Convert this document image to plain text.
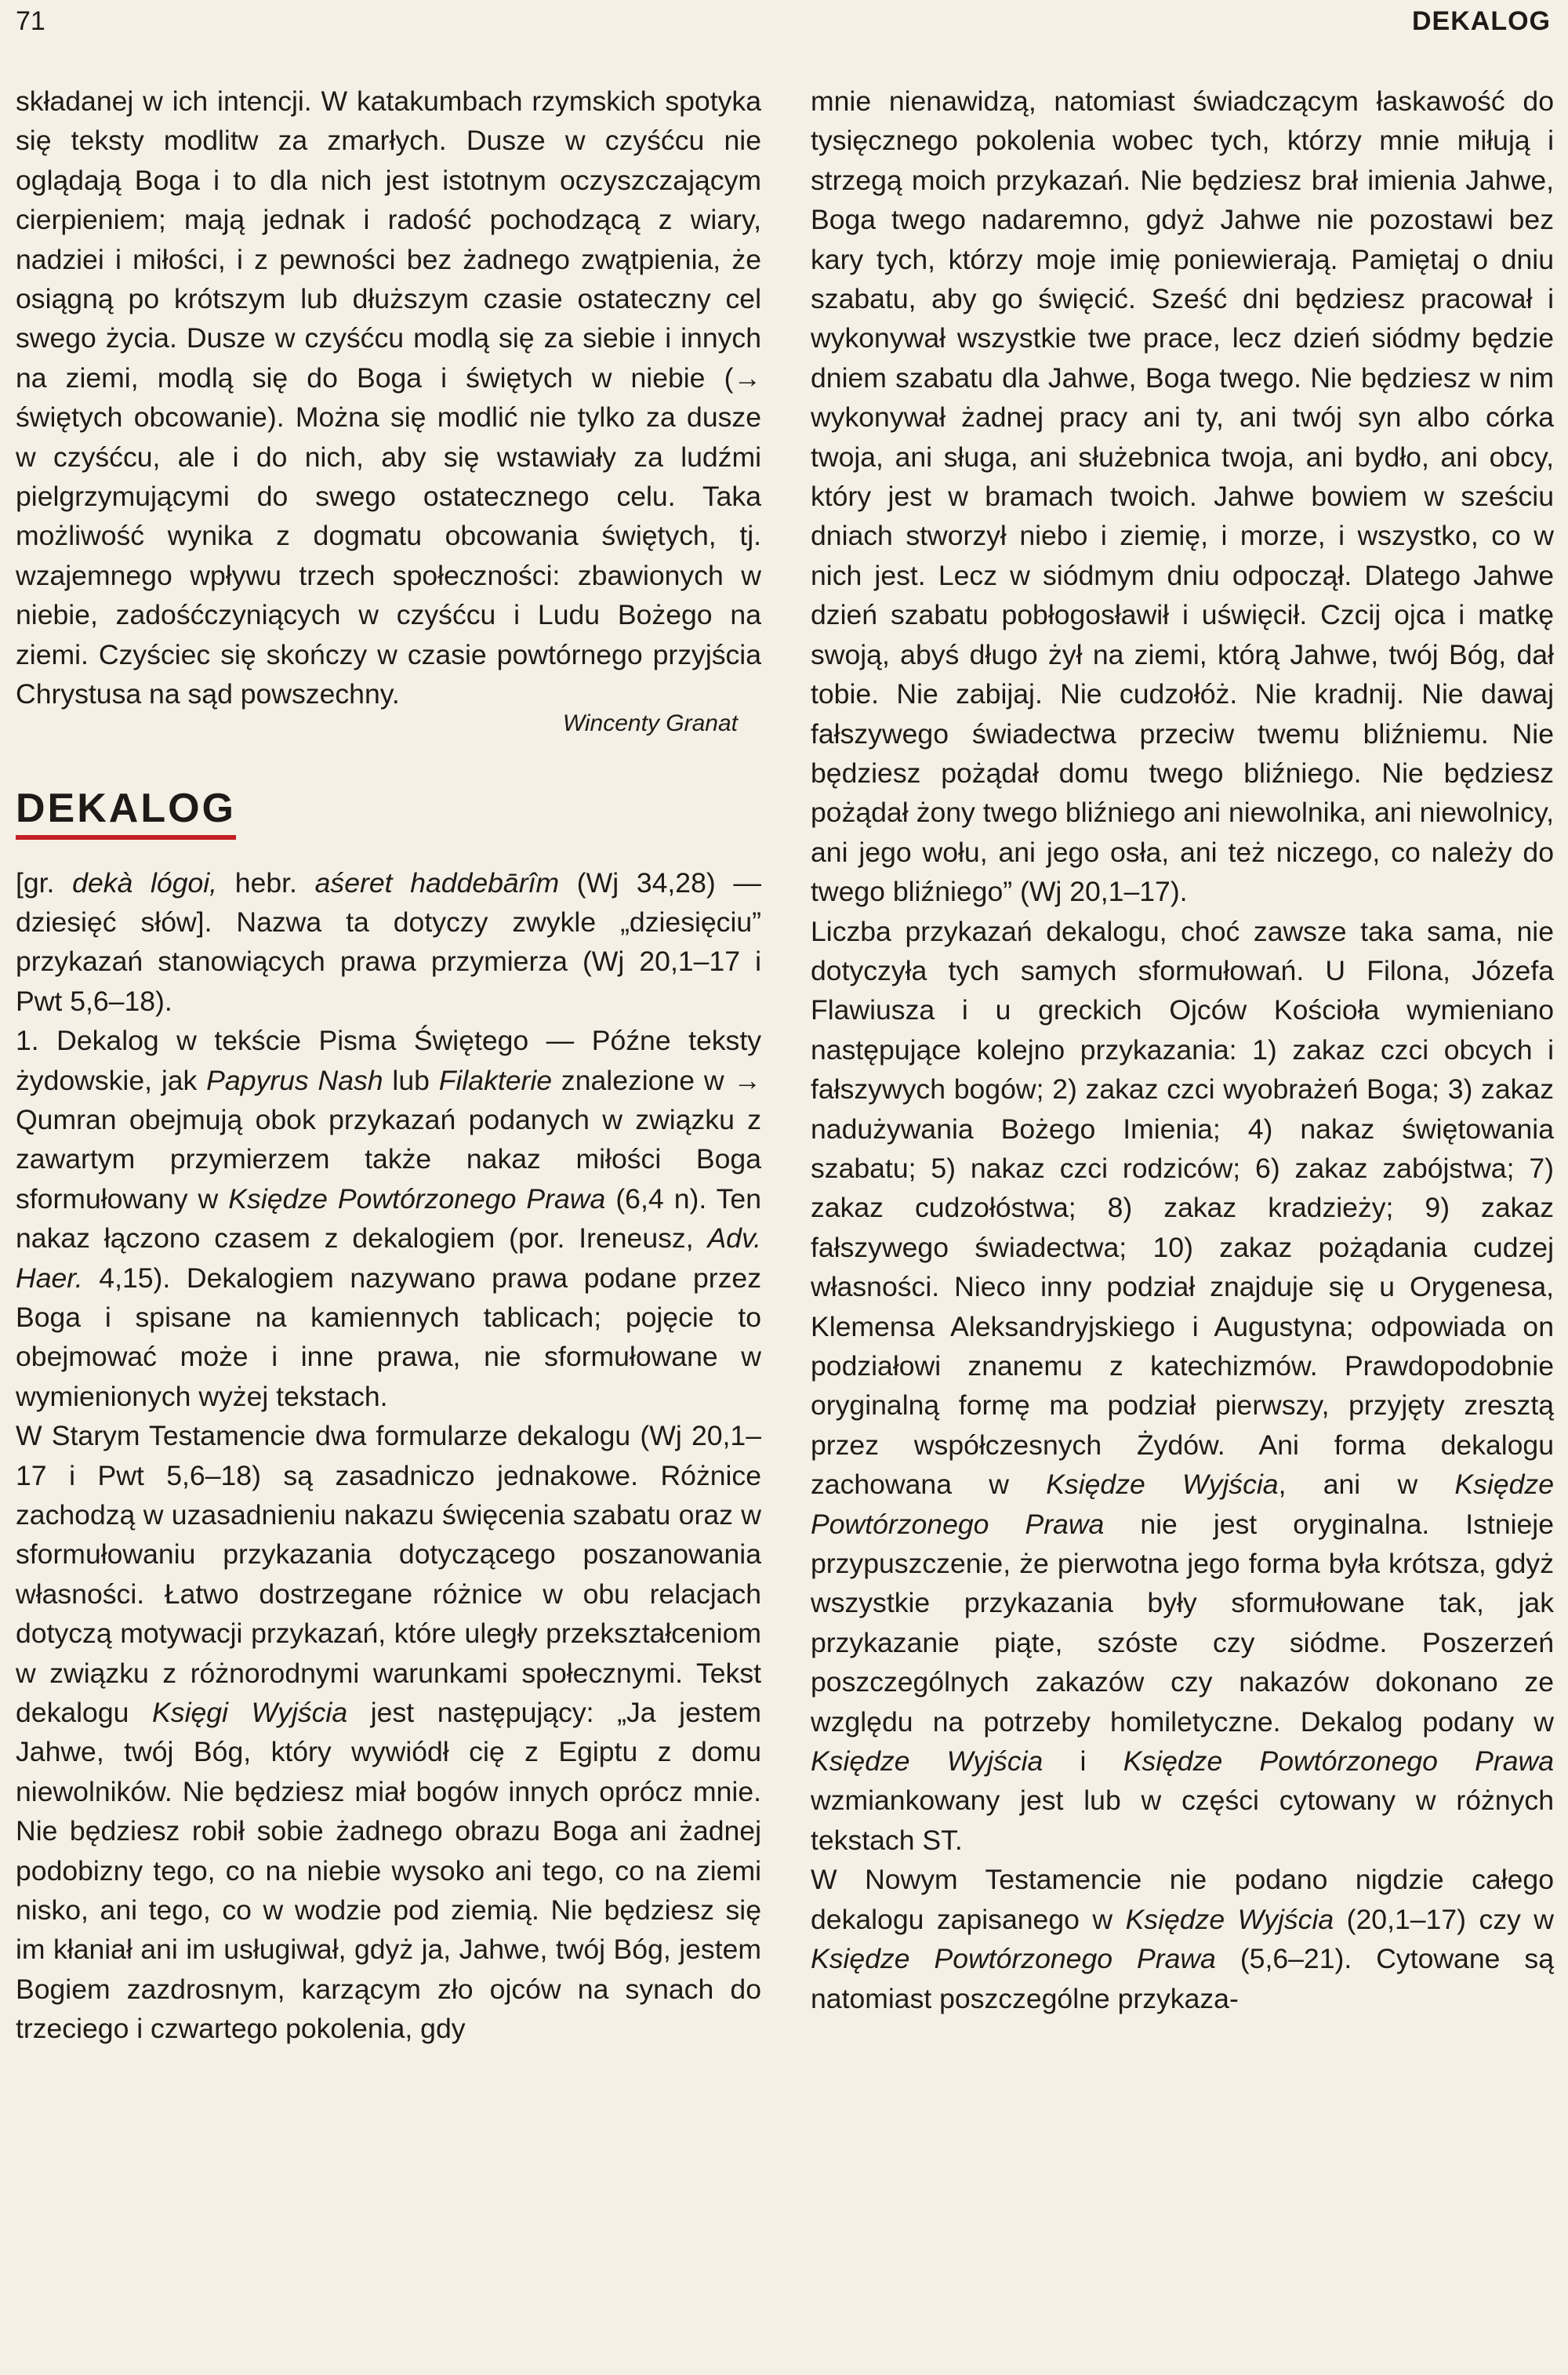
71	DEKALOG

składanej w ich intencji. W katakumbach rzymskich spotyka się teksty modlitw za zmarłych. Dusze w czyśćcu nie oglądają Boga i to dla nich jest istotnym oczyszczającym cierpieniem; mają jednak i radość pochodzącą z wiary, nadziei i miłości, i z pewności bez żadnego zwątpienia, że osiągną po krótszym lub dłuższym czasie ostateczny cel swego życia. Dusze w czyśćcu modlą się za siebie i innych na ziemi, modlą się do Boga i świętych w niebie (→ świętych obcowanie). Można się modlić nie tylko za dusze w czyśćcu, ale i do nich, aby się wstawiały za ludźmi pielgrzymującymi do swego ostatecznego celu. Taka możliwość wynika z dogmatu obcowania świętych, tj. wzajemnego wpływu trzech społeczności: zbawionych w niebie, zadośćczyniących w czyśćcu i Ludu Bożego na ziemi. Czyściec się skończy w czasie powtórnego przyjścia Chrystusa na sąd powszechny.

Wincenty Granat
DEKALOG

[gr. dekà lógoi, hebr. aśeret haddebārîm (Wj 34,28) — dziesięć słów]. Nazwa ta dotyczy zwykle „dziesięciu” przykazań stanowiących prawa przymierza (Wj 20,1–17 i Pwt 5,6–18).

1. Dekalog w tekście Pisma Świętego — Późne teksty żydowskie, jak Papyrus Nash lub Filakterie znalezione w → Qumran obejmują obok przykazań podanych w związku z zawartym przymierzem także nakaz miłości Boga sformułowany w Księdze Powtórzonego Prawa (6,4 n). Ten nakaz łączono czasem z dekalogiem (por. Ireneusz, Adv. Haer. 4,15). Dekalogiem nazywano prawa podane przez Boga i spisane na kamiennych tablicach; pojęcie to obejmować może i inne prawa, nie sformułowane w wymienionych wyżej tekstach.

W Starym Testamencie dwa formularze dekalogu (Wj 20,1–17 i Pwt 5,6–18) są zasadniczo jednakowe. Różnice zachodzą w uzasadnieniu nakazu święcenia szabatu oraz w sformułowaniu przykazania dotyczącego poszanowania własności. Łatwo dostrzegane różnice w obu relacjach dotyczą motywacji przykazań, które uległy przekształceniom w związku z różnorodnymi warunkami społecznymi. Tekst dekalogu Księgi Wyjścia jest następujący: „Ja jestem Jahwe, twój Bóg, który wywiódł cię z Egiptu z domu niewolników. Nie będziesz miał bogów innych oprócz mnie. Nie będziesz robił sobie żadnego obrazu Boga ani żadnej podobizny tego, co na niebie wysoko ani tego, co na ziemi nisko, ani tego, co w wodzie pod ziemią. Nie będziesz się im kłaniał ani im usługiwał, gdyż ja, Jahwe, twój Bóg, jestem Bogiem zazdrosnym, karzącym zło ojców na synach do trzeciego i czwartego pokolenia, gdy

mnie nienawidzą, natomiast świadczącym łaskawość do tysięcznego pokolenia wobec tych, którzy mnie miłują i strzegą moich przykazań. Nie będziesz brał imienia Jahwe, Boga twego nadaremno, gdyż Jahwe nie pozostawi bez kary tych, którzy moje imię poniewierają. Pamiętaj o dniu szabatu, aby go święcić. Sześć dni będziesz pracował i wykonywał wszystkie twe prace, lecz dzień siódmy będzie dniem szabatu dla Jahwe, Boga twego. Nie będziesz w nim wykonywał żadnej pracy ani ty, ani twój syn albo córka twoja, ani sługa, ani służebnica twoja, ani bydło, ani obcy, który jest w bramach twoich. Jahwe bowiem w sześciu dniach stworzył niebo i ziemię, i morze, i wszystko, co w nich jest. Lecz w siódmym dniu odpoczął. Dlatego Jahwe dzień szabatu pobłogosławił i uświęcił. Czcij ojca i matkę swoją, abyś długo żył na ziemi, którą Jahwe, twój Bóg, dał tobie. Nie zabijaj. Nie cudzołóż. Nie kradnij. Nie dawaj fałszywego świadectwa przeciw twemu bliźniemu. Nie będziesz pożądał domu twego bliźniego. Nie będziesz pożądał żony twego bliźniego ani niewolnika, ani niewolnicy, ani jego wołu, ani jego osła, ani też niczego, co należy do twego bliźniego” (Wj 20,1–17).

Liczba przykazań dekalogu, choć zawsze taka sama, nie dotyczyła tych samych sformułowań. U Filona, Józefa Flawiusza i u greckich Ojców Kościoła wymieniano następujące kolejno przykazania: 1) zakaz czci obcych i fałszywych bogów; 2) zakaz czci wyobrażeń Boga; 3) zakaz nadużywania Bożego Imienia; 4) nakaz świętowania szabatu; 5) nakaz czci rodziców; 6) zakaz zabójstwa; 7) zakaz cudzołóstwa; 8) zakaz kradzieży; 9) zakaz fałszywego świadectwa; 10) zakaz pożądania cudzej własności. Nieco inny podział znajduje się u Orygenesa, Klemensa Aleksandryjskiego i Augustyna; odpowiada on podziałowi znanemu z katechizmów. Prawdopodobnie oryginalną formę ma podział pierwszy, przyjęty zresztą przez współczesnych Żydów. Ani forma dekalogu zachowana w Księdze Wyjścia, ani w Księdze Powtórzonego Prawa nie jest oryginalna. Istnieje przypuszczenie, że pierwotna jego forma była krótsza, gdyż wszystkie przykazania były sformułowane tak, jak przykazanie piąte, szóste czy siódme. Poszerzeń poszczególnych zakazów czy nakazów dokonano ze względu na potrzeby homiletyczne. Dekalog podany w Księdze Wyjścia i Księdze Powtórzonego Prawa wzmiankowany jest lub w części cytowany w różnych tekstach ST.

W Nowym Testamencie nie podano nigdzie całego dekalogu zapisanego w Księdze Wyjścia (20,1–17) czy w Księdze Powtórzonego Prawa (5,6–21). Cytowane są natomiast poszczególne przykaza-
